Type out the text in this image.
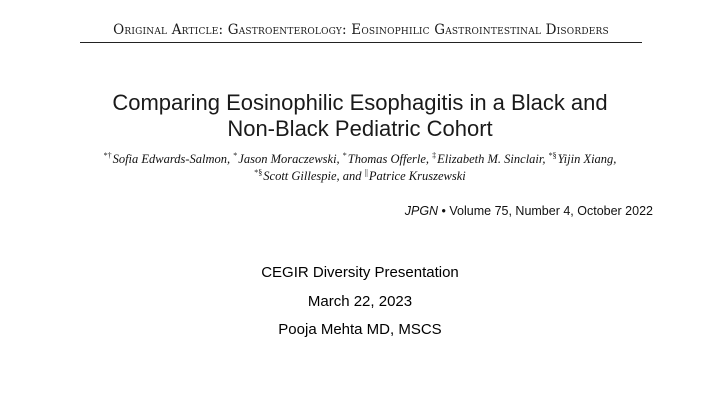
Original Article: Gastroenterology: Eosinophilic Gastrointestinal Disorders
Comparing Eosinophilic Esophagitis in a Black and
Non-Black Pediatric Cohort
*†Sofia Edwards-Salmon, *Jason Moraczewski, *Thomas Offerle, ‡Elizabeth M. Sinclair, *§Yijin Xiang,
*§Scott Gillespie, and ||Patrice Kruszewski
JPGN • Volume 75, Number 4, October 2022
CEGIR Diversity Presentation
March 22, 2023
Pooja Mehta MD, MSCS
